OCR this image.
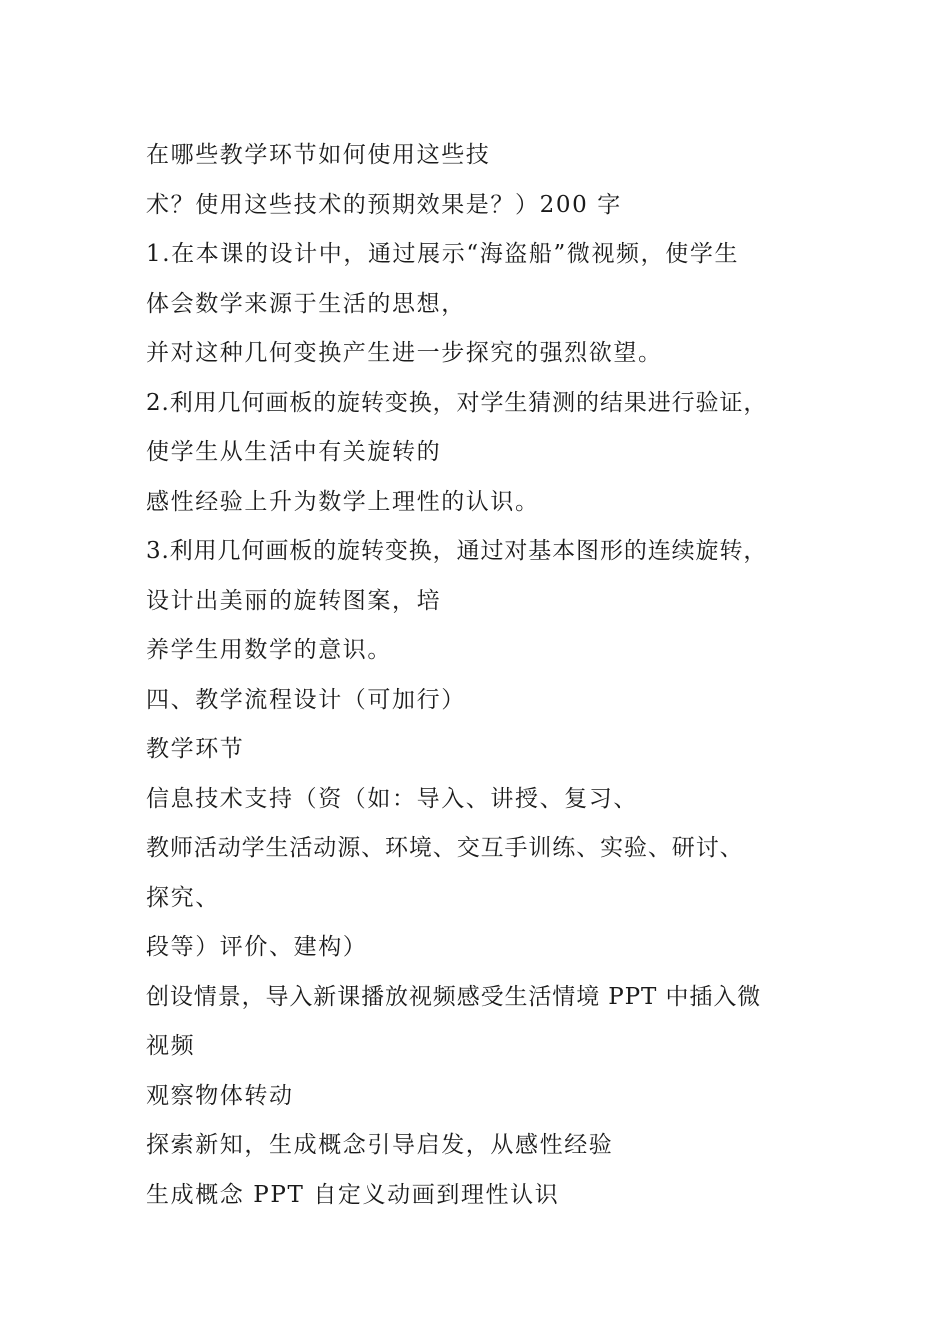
在哪些教学环节如何使用这些技
术？使用这些技术的预期效果是？）200 字
1.在本课的设计中，通过展示“海盗船”微视频，使学生
体会数学来源于生活的思想，
并对这种几何变换产生进一步探究的强烈欲望。
2.利用几何画板的旋转变换，对学生猜测的结果进行验证，
使学生从生活中有关旋转的
感性经验上升为数学上理性的认识。
3.利用几何画板的旋转变换，通过对基本图形的连续旋转，
设计出美丽的旋转图案，培
养学生用数学的意识。
四、教学流程设计（可加行）
教学环节
信息技术支持（资（如：导入、讲授、复习、
教师活动学生活动源、环境、交互手训练、实验、研讨、
探究、
段等）评价、建构）
创设情景，导入新课播放视频感受生活情境 PPT 中插入微
视频
观察物体转动
探索新知，生成概念引导启发，从感性经验
生成概念 PPT 自定义动画到理性认识
